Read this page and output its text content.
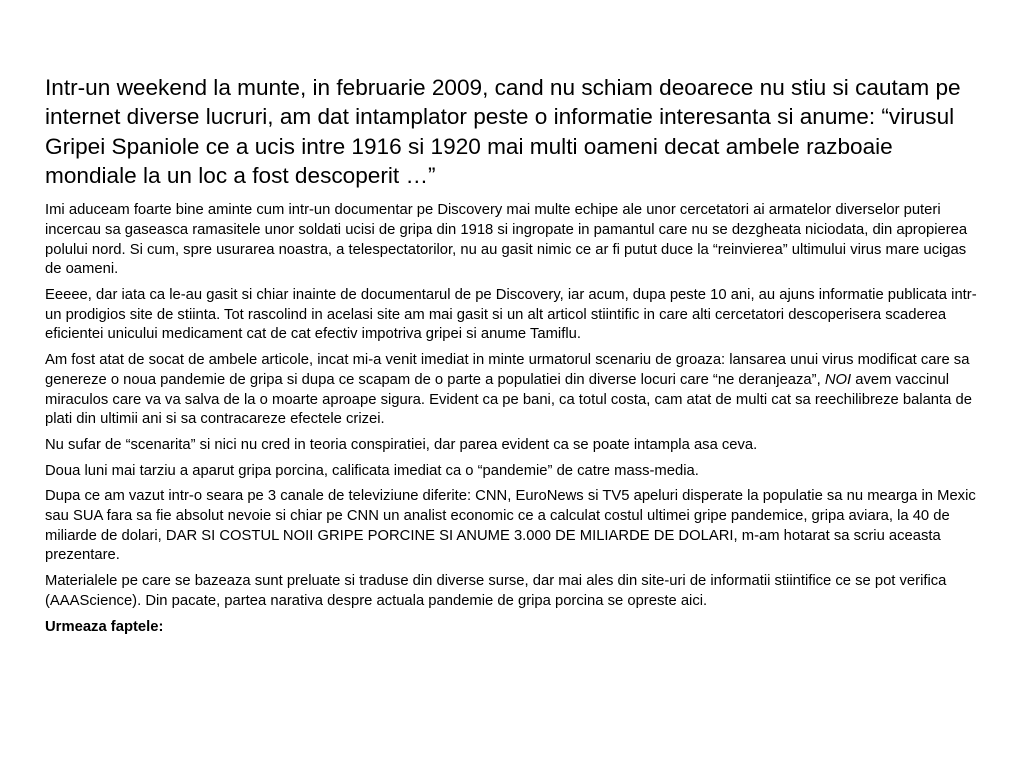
Intr-un weekend la munte, in februarie 2009, cand nu schiam deoarece nu stiu si cautam pe internet diverse lucruri, am dat intamplator peste o informatie interesanta si anume: “virusul Gripei Spaniole ce a ucis intre 1916 si 1920 mai multi oameni decat ambele razboaie mondiale la un loc a fost descoperit …”

Imi aduceam foarte bine aminte cum intr-un documentar pe Discovery mai multe echipe ale unor cercetatori ai armatelor diverselor puteri incercau sa gaseasca ramasitele unor soldati ucisi de gripa din 1918 si ingropate in pamantul care nu se dezgheata niciodata, din apropierea polului nord. Si cum, spre usurarea noastra, a telespectatorilor, nu au gasit nimic ce ar fi putut duce la “reinvierea” ultimului virus mare ucigas de oameni.

Eeeee, dar iata ca le-au gasit si chiar inainte de documentarul de pe Discovery, iar acum, dupa peste 10 ani, au ajuns informatie publicata intr-un prodigios site de stiinta. Tot rascolind in acelasi site am mai gasit si un alt articol stiintific in care alti cercetatori descoperisera scaderea eficientei unicului medicament cat de cat efectiv impotriva gripei si anume Tamiflu.

Am fost atat de socat de ambele articole, incat mi-a venit imediat in minte urmatorul scenariu de groaza: lansarea unui virus modificat care sa genereze o noua pandemie de gripa si dupa ce scapam de o parte a populatiei din diverse locuri care “ne deranjeaza”, NOI avem vaccinul miraculos care va va salva de la o moarte aproape sigura. Evident ca pe bani, ca totul costa, cam atat de multi cat sa reechilibreze balanta de plati din ultimii ani si sa contracareze efectele crizei.

Nu sufar de “scenarita” si nici nu cred in teoria conspiratiei, dar parea evident ca se poate intampla asa ceva.

Doua luni mai tarziu a aparut gripa porcina, calificata imediat ca o “pandemie” de catre mass-media.

Dupa ce am vazut intr-o seara pe 3 canale de televiziune diferite: CNN, EuroNews si TV5 apeluri disperate la populatie sa nu mearga in Mexic sau SUA fara sa fie absolut nevoie si chiar pe CNN un analist economic ce a calculat costul ultimei gripe pandemice, gripa aviara, la 40 de miliarde de dolari, DAR SI COSTUL NOII GRIPE PORCINE SI ANUME 3.000 DE MILIARDE DE DOLARI, m-am hotarat sa scriu aceasta prezentare.

Materialele pe care se bazeaza sunt preluate si traduse din diverse surse, dar mai ales din site-uri de informatii stiintifice ce se pot verifica (AAAScience). Din pacate, partea narativa despre actuala pandemie de gripa porcina se opreste aici.

Urmeaza faptele:
